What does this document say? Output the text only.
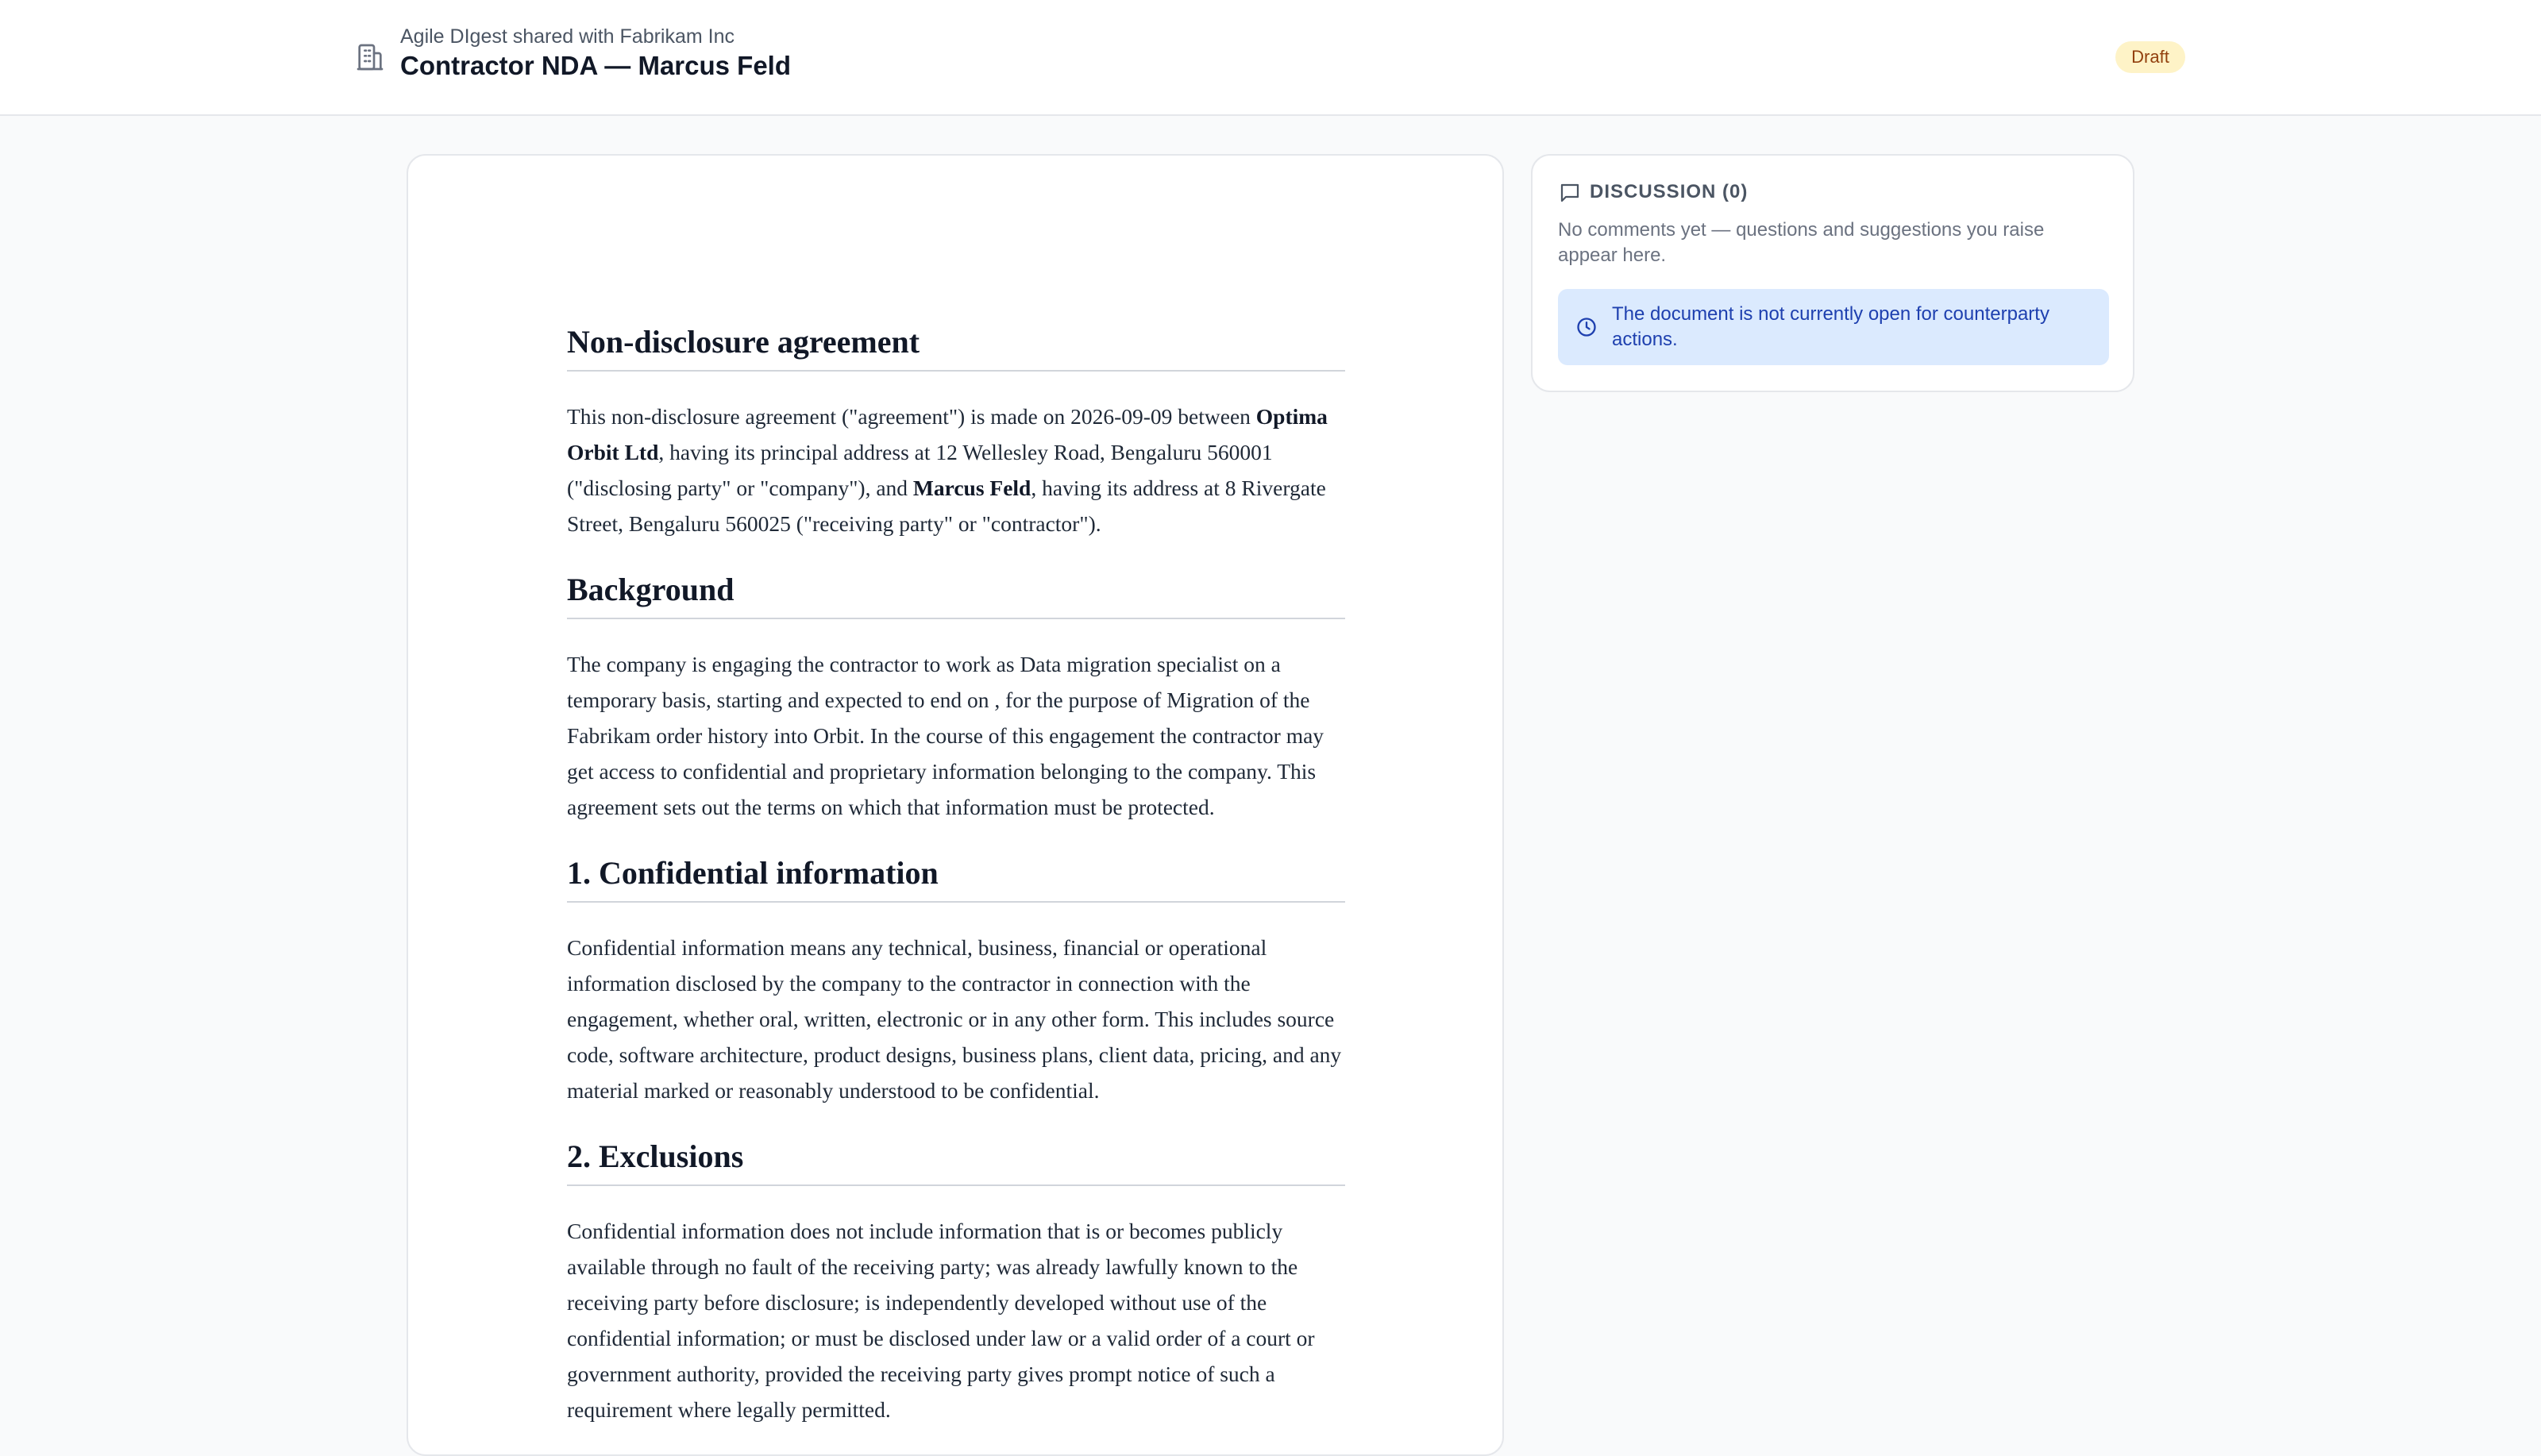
Agile DIgest shared with Fabrikam Inc
Contractor NDA — Marcus Feld	Draft
Non-disclosure agreement

This non-disclosure agreement ("agreement") is made on 2026-09-09 between Optima Orbit Ltd, having its principal address at 12 Wellesley Road, Bengaluru 560001 ("disclosing party" or "company"), and Marcus Feld, having its address at 8 Rivergate Street, Bengaluru 560025 ("receiving party" or "contractor").

Background

The company is engaging the contractor to work as Data migration specialist on a temporary basis, starting and expected to end on , for the purpose of Migration of the Fabrikam order history into Orbit. In the course of this engagement the contractor may get access to confidential and proprietary information belonging to the company. This agreement sets out the terms on which that information must be protected.

1. Confidential information

Confidential information means any technical, business, financial or operational information disclosed by the company to the contractor in connection with the engagement, whether oral, written, electronic or in any other form. This includes source code, software architecture, product designs, business plans, client data, pricing, and any material marked or reasonably understood to be confidential.

2. Exclusions

Confidential information does not include information that is or becomes publicly available through no fault of the receiving party; was already lawfully known to the receiving party before disclosure; is independently developed without use of the confidential information; or must be disclosed under law or a valid order of a court or government authority, provided the receiving party gives prompt notice of such a requirement where legally permitted.

DISCUSSION (0)
No comments yet — questions and suggestions you raise appear here.
The document is not currently open for counterparty actions.
